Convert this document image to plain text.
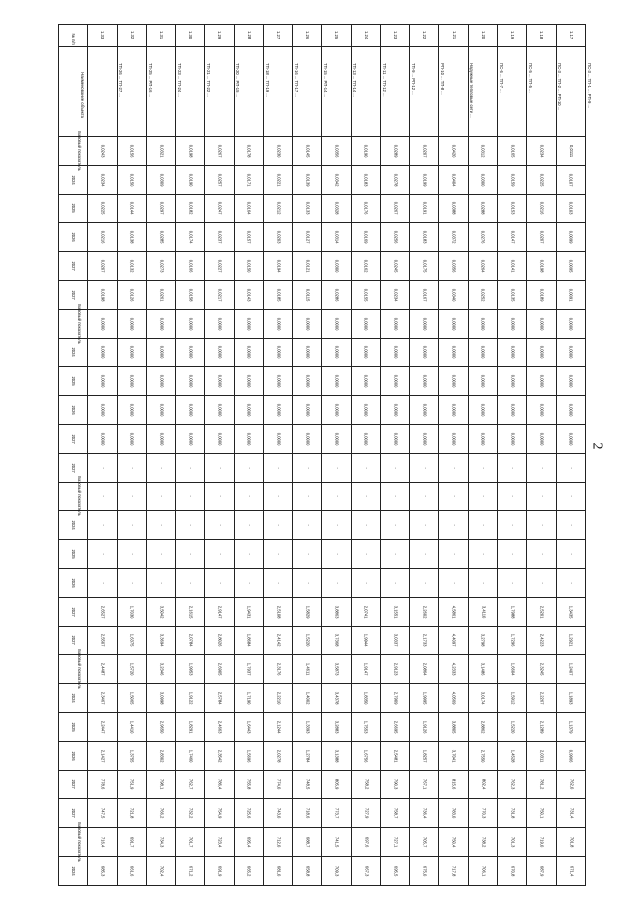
2
№ п/п	1.33	1.32	1.31	1.30	1.29	1.28	1.27	1.26	1.25	1.24	1.23	1.22	1.21	1.20	1.19	1.18	1.17
Наименование объекта	ТП-26 ... ТП-27 ...	ТП-25 ... РП-16 ...	ТП-23 ... ТП-24 ...	ТП-21 ... ТП-22 ...	ТП-20 ... РП-15 ...	ТП-18 ... ТП-19 ...	ТП-16 ... ТП-17 ...	ТП-15 ... РП-14 ...	ТП-13 ... ТП-14 ...	ТП-11 ... ТП-12 ...	ТП-9 ... РП-12 ...	РП-10 ... ТП-8 ...	Наружные тепловые сети ...	ПС-6 ... ТП-7 ...	ПС-5 ... ТП-5 ...	ПС-3 ... ТП-2 ... РП-10 ...	ПС-3 ... ТП-1 ... РП-9 ...
Базовый показатель	0,0243	0,0156	0,0321	0,0198	0,0267	0,0178	0,0230	0,0145	0,0356	0,0190	0,0289	0,0207	0,0420	0,0312	0,0165	0,0234	0,0111
2024	0,0234	0,0150	0,0309	0,0190	0,0257	0,0171	0,0221	0,0139	0,0342	0,0183	0,0278	0,0199	0,0404	0,0300	0,0159	0,0225	0,0107
2025	0,0225	0,0144	0,0297	0,0182	0,0247	0,0164	0,0212	0,0133	0,0328	0,0176	0,0267	0,0191	0,0388	0,0288	0,0153	0,0216	0,0103
2026	0,0216	0,0138	0,0285	0,0174	0,0237	0,0157	0,0203	0,0127	0,0314	0,0169	0,0256	0,0183	0,0372	0,0276	0,0147	0,0207	0,0099
2027	0,0207	0,0132	0,0273	0,0166	0,0227	0,0150	0,0194	0,0121	0,0300	0,0162	0,0245	0,0175	0,0356	0,0264	0,0141	0,0198	0,0095
2027	0,0198	0,0126	0,0261	0,0158	0,0217	0,0143	0,0185	0,0115	0,0286	0,0155	0,0234	0,0167	0,0340	0,0252	0,0135	0,0189	0,0091
Базовый показатель	0,0000	0,0000	0,0000	0,0000	0,0000	0,0000	0,0000	0,0000	0,0000	0,0000	0,0000	0,0000	0,0000	0,0000	0,0000	0,0000	0,0000
2024	0,0000	0,0000	0,0000	0,0000	0,0000	0,0000	0,0000	0,0000	0,0000	0,0000	0,0000	0,0000	0,0000	0,0000	0,0000	0,0000	0,0000
2025	0,0000	0,0000	0,0000	0,0000	0,0000	0,0000	0,0000	0,0000	0,0000	0,0000	0,0000	0,0000	0,0000	0,0000	0,0000	0,0000	0,0000
2026	0,0000	0,0000	0,0000	0,0000	0,0000	0,0000	0,0000	0,0000	0,0000	0,0000	0,0000	0,0000	0,0000	0,0000	0,0000	0,0000	0,0000
2027	0,0000	0,0000	0,0000	0,0000	0,0000	0,0000	0,0000	0,0000	0,0000	0,0000	0,0000	0,0000	0,0000	0,0000	0,0000	0,0000	0,0000
2027	-	-	-	-	-	-	-	-	-	-	-	-	-	-	-	-	-
Базовый показатель	-	-	-	-	-	-	-	-	-	-	-	-	-	-	-	-	-
2024	-	-	-	-	-	-	-	-	-	-	-	-	-	-	-	-	-
2025	-	-	-	-	-	-	-	-	-	-	-	-	-	-	-	-	-
2026	-	-	-	-	-	-	-	-	-	-	-	-	-	-	-	-	-
2027	2,6527	1,7030	3,5042	2,1615	2,9147	1,9431	2,5108	1,5829	3,8863	2,0741	3,1551	2,2602	4,5861	3,4110	1,7988	2,5201	1,3435
2027	2,5507	1,6375	3,3694	2,0784	2,8026	1,8684	2,4142	1,5220	3,7368	1,9944	3,0337	2,1733	4,4097	3,2798	1,7296	2,4223	1,2921
Базовый показатель	2,4487	1,5720	3,2346	1,9953	2,6905	1,7937	2,3176	1,4611	3,5873	1,9147	2,9123	2,0864	4,2333	3,1486	1,6604	2,3245	1,2407
2024	2,3467	1,5065	3,0998	1,9122	2,5784	1,7190	2,2210	1,4002	3,4378	1,8350	2,7909	1,9995	4,0569	3,0174	1,5912	2,2267	1,1893
2025	2,2447	1,4410	2,9650	1,8291	2,4663	1,6443	2,1244	1,3393	3,2883	1,7553	2,6695	1,9126	3,8805	2,8862	1,5220	2,1289	1,1379
2026	2,1427	1,3755	2,8302	1,7460	2,3542	1,5696	2,0278	1,2784	3,1388	1,6756	2,5481	1,8257	3,7041	2,7550	1,4528	2,0311	0,9966
2027	778,6	751,9	798,1	762,7	786,4	755,8	774,0	748,5	805,9	758,2	790,3	767,1	815,6	802,4	762,3	781,2	762,0
2027	747,5	721,8	766,2	732,2	754,9	725,6	743,0	718,6	773,7	727,9	758,7	736,4	783,0	770,3	731,8	750,1	731,4
Базовый показатель	716,4	691,7	734,3	701,7	723,4	695,4	712,0	688,7	741,5	697,6	727,1	705,7	750,4	738,2	701,3	719,0	701,8
2024	685,3	661,6	702,4	671,2	691,9	665,2	681,0	658,8	709,3	667,3	695,5	675,0	717,8	706,1	670,8	687,9	671,4
